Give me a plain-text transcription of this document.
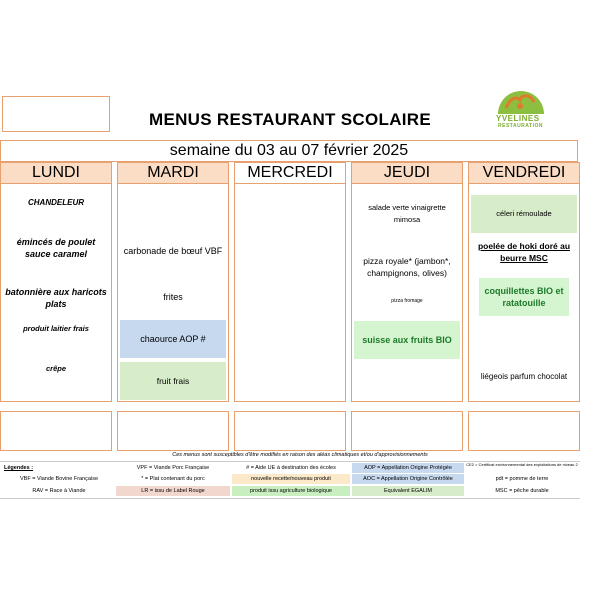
YVELINES
RESTAURATION
MENUS RESTAURANT SCOLAIRE
semaine du 03 au 07 février 2025
LUNDI
CHANDELEUR
émincés de poulet sauce caramel
batonnière aux haricots plats
produit laitier frais
crêpe
MARDI
carbonade de bœuf VBF
frites
chaource AOP #
fruit frais
MERCREDI	JEUDI
salade verte vinaigrette mimosa
pizza royale* (jambon*, champignons, olives)
pizza fromage
suisse aux fruits BIO
VENDREDI
céleri rémoulade
poelée de hoki doré au beurre MSC
coquillettes BIO et ratatouille
liégeois parfum chocolat
Ces menus sont susceptibles d'être modifiés en raison des aléas climatiques et/ou d'approvisionnements
Légendes :
VBF = Viande Bovine Française
RAV = Race à Viande
VPF = Viande Porc Française
* = Plat contenant du porc
LR = issu de Label Rouge
# = Aide UE à destination des écoles
nouvelle recette/nouveau produit
produit issu agriculture biologique
AOP = Appellation Origine Protégée
AOC = Appellation Origine Contrôlée
Equivalent EGALIM
CE2 = Certificat environnemental des exploitations de niveau 2
pdt = pomme de terre
MSC = pêche durable
